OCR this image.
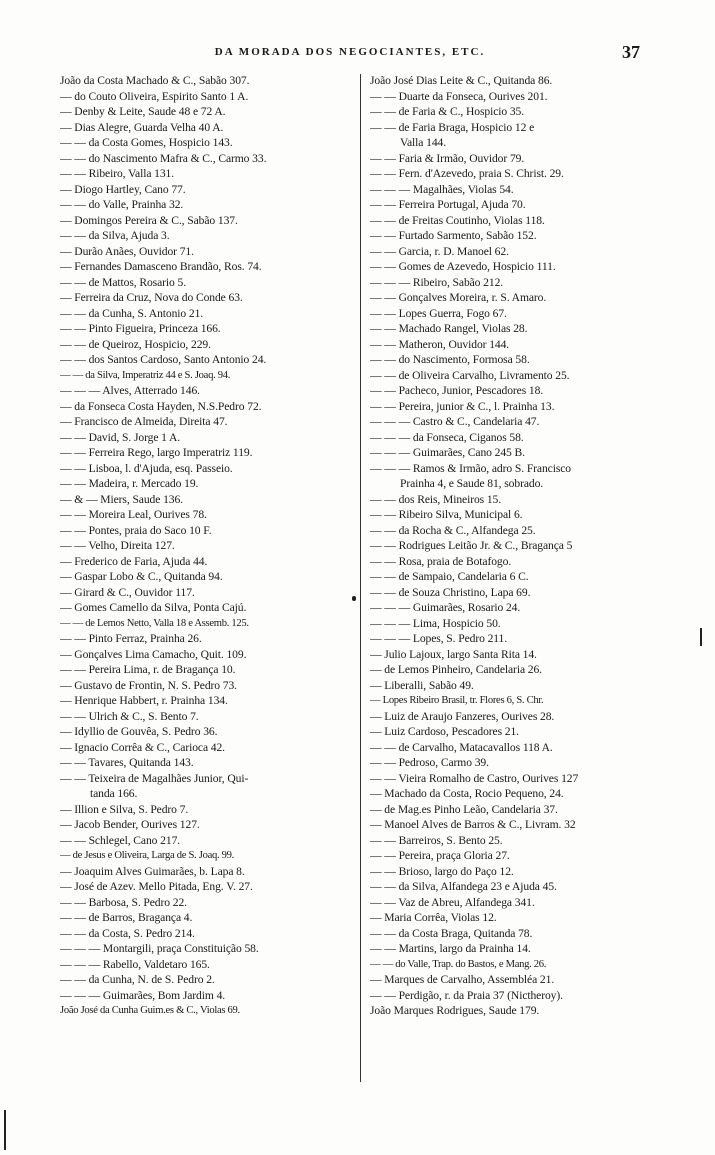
DA MORADA DOS NEGOCIANTES, ETC.	37
João da Costa Machado & C., Sabão 307.
— do Couto Oliveira, Espirito Santo 1 A.
— Denby & Leite, Saude 48 e 72 A.
— Dias Alegre, Guarda Velha 40 A.
— — da Costa Gomes, Hospicio 143.
— — do Nascimento Mafra & C., Carmo 33.
— — Ribeiro, Valla 131.
— Diogo Hartley, Cano 77.
— — do Valle, Prainha 32.
— Domingos Pereira & C., Sabão 137.
— — da Silva, Ajuda 3.
— Durão Anães, Ouvidor 71.
— Fernandes Damasceno Brandão, Ros. 74.
— — de Mattos, Rosario 5.
— Ferreira da Cruz, Nova do Conde 63.
— — da Cunha, S. Antonio 21.
— — Pinto Figueira, Princeza 166.
— — de Queiroz, Hospicio, 229.
— — dos Santos Cardoso, Santo Antonio 24.
— — da Silva, Imperatriz 44 e S. Joaq. 94.
— — — Alves, Atterrado 146.
— da Fonseca Costa Hayden, N.S.Pedro 72.
— Francisco de Almeida, Direita 47.
— — David, S. Jorge 1 A.
— — Ferreira Rego, largo Imperatriz 119.
— — Lisboa, l. d'Ajuda, esq. Passeio.
— — Madeira, r. Mercado 19.
— & — Miers, Saude 136.
— — Moreira Leal, Ourives 78.
— — Pontes, praia do Saco 10 F.
— — Velho, Direita 127.
— Frederico de Faria, Ajuda 44.
— Gaspar Lobo & C., Quitanda 94.
— Girard & C., Ouvidor 117.
— Gomes Camello da Silva, Ponta Cajú.
— — de Lemos Netto, Valla 18 e Assemb. 125.
— — Pinto Ferraz, Prainha 26.
— Gonçalves Lima Camacho, Quit. 109.
— — Pereira Lima, r. de Bragança 10.
— Gustavo de Frontin, N. S. Pedro 73.
— Henrique Habbert, r. Prainha 134.
— — Ulrich & C., S. Bento 7.
— Idyllio de Gouvêa, S. Pedro 36.
— Ignacio Corrêa & C., Carioca 42.
— — Tavares, Quitanda 143.
— — Teixeira de Magalhães Junior, Qui-
tanda 166.
— Illion e Silva, S. Pedro 7.
— Jacob Bender, Ourives 127.
— — Schlegel, Cano 217.
— de Jesus e Oliveira, Larga de S. Joaq. 99.
— Joaquim Alves Guimarães, b. Lapa 8.
— José de Azev. Mello Pitada, Eng. V. 27.
— — Barbosa, S. Pedro 22.
— — de Barros, Bragança 4.
— — da Costa, S. Pedro 214.
— — — Montargili, praça Constituição 58.
— — — Rabello, Valdetaro 165.
— — da Cunha, N. de S. Pedro 2.
— — — Guimarães, Bom Jardim 4.
João José da Cunha Guim.es & C., Violas 69.
João José Dias Leite & C., Quitanda 86.
— — Duarte da Fonseca, Ourives 201.
— — de Faria & C., Hospicio 35.
— — de Faria Braga, Hospicio 12 e
Valla 144.
— — Faria & Irmão, Ouvidor 79.
— — Fern. d'Azevedo, praia S. Christ. 29.
— — — Magalhães, Violas 54.
— — Ferreira Portugal, Ajuda 70.
— — de Freitas Coutinho, Violas 118.
— — Furtado Sarmento, Sabão 152.
— — Garcia, r. D. Manoel 62.
— — Gomes de Azevedo, Hospicio 111.
— — — Ribeiro, Sabão 212.
— — Gonçalves Moreira, r. S. Amaro.
— — Lopes Guerra, Fogo 67.
— — Machado Rangel, Violas 28.
— — Matheron, Ouvidor 144.
— — do Nascimento, Formosa 58.
— — de Oliveira Carvalho, Livramento 25.
— — Pacheco, Junior, Pescadores 18.
— — Pereira, junior & C., l. Prainha 13.
— — — Castro & C., Candelaria 47.
— — — da Fonseca, Ciganos 58.
— — — Guimarães, Cano 245 B.
— — — Ramos & Irmão, adro S. Francisco
Prainha 4, e Saude 81, sobrado.
— — dos Reis, Mineiros 15.
— — Ribeiro Silva, Municipal 6.
— — da Rocha & C., Alfandega 25.
— — Rodrigues Leitão Jr. & C., Bragança 5
— — Rosa, praia de Botafogo.
— — de Sampaio, Candelaria 6 C.
— — de Souza Christino, Lapa 69.
— — — Guimarães, Rosario 24.
— — — Lima, Hospicio 50.
— — — Lopes, S. Pedro 211.
— Julio Lajoux, largo Santa Rita 14.
— de Lemos Pinheiro, Candelaria 26.
— Liberalli, Sabão 49.
— Lopes Ribeiro Brasil, tr. Flores 6, S. Chr.
— Luiz de Araujo Fanzeres, Ourives 28.
— Luiz Cardoso, Pescadores 21.
— — de Carvalho, Matacavallos 118 A.
— — Pedroso, Carmo 39.
— — Vieira Romalho de Castro, Ourives 127
— Machado da Costa, Rocio Pequeno, 24.
— de Mag.es Pinho Leão, Candelaria 37.
— Manoel Alves de Barros & C., Livram. 32
— — Barreiros, S. Bento 25.
— — Pereira, praça Gloria 27.
— — Brioso, largo do Paço 12.
— — da Silva, Alfandega 23 e Ajuda 45.
— — Vaz de Abreu, Alfandega 341.
— Maria Corrêa, Violas 12.
— — da Costa Braga, Quitanda 78.
— — Martins, largo da Prainha 14.
— — do Valle, Trap. do Bastos, e Mang. 26.
— Marques de Carvalho, Assembléa 21.
— — Perdigão, r. da Praia 37 (Nictheroy).
João Marques Rodrigues, Saude 179.
